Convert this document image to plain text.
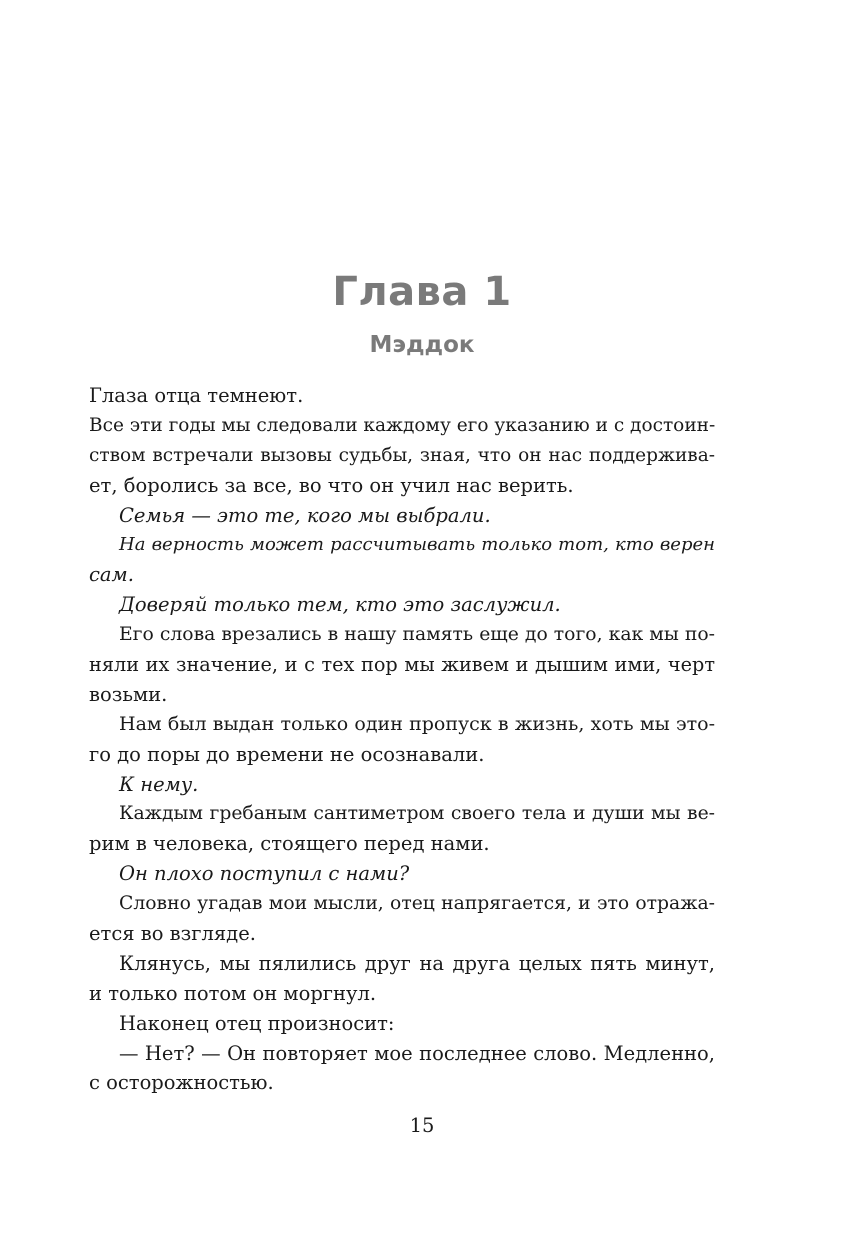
Глава 1
Мэддок
Глаза отца темнеют.
Все эти годы мы следовали каждому его указанию и с достоин-
ством встречали вызовы судьбы, зная, что он нас поддержива-
ет, боролись за все, во что он учил нас верить.
Семья — это те, кого мы выбрали.
На верность может рассчитывать только тот, кто верен
сам.
Доверяй только тем, кто это заслужил.
Его слова врезались в нашу память еще до того, как мы по-
няли их значение, и с тех пор мы живем и дышим ими, черт
возьми.
Нам был выдан только один пропуск в жизнь, хоть мы это-
го до поры до времени не осознавали.
К нему.
Каждым гребаным сантиметром своего тела и души мы ве-
рим в человека, стоящего перед нами.
Он плохо поступил с нами?
Словно угадав мои мысли, отец напрягается, и это отража-
ется во взгляде.
Клянусь, мы пялились друг на друга целых пять минут,
и только потом он моргнул.
Наконец отец произносит:
— Нет? — Он повторяет мое последнее слово. Медленно,
с осторожностью.
15
